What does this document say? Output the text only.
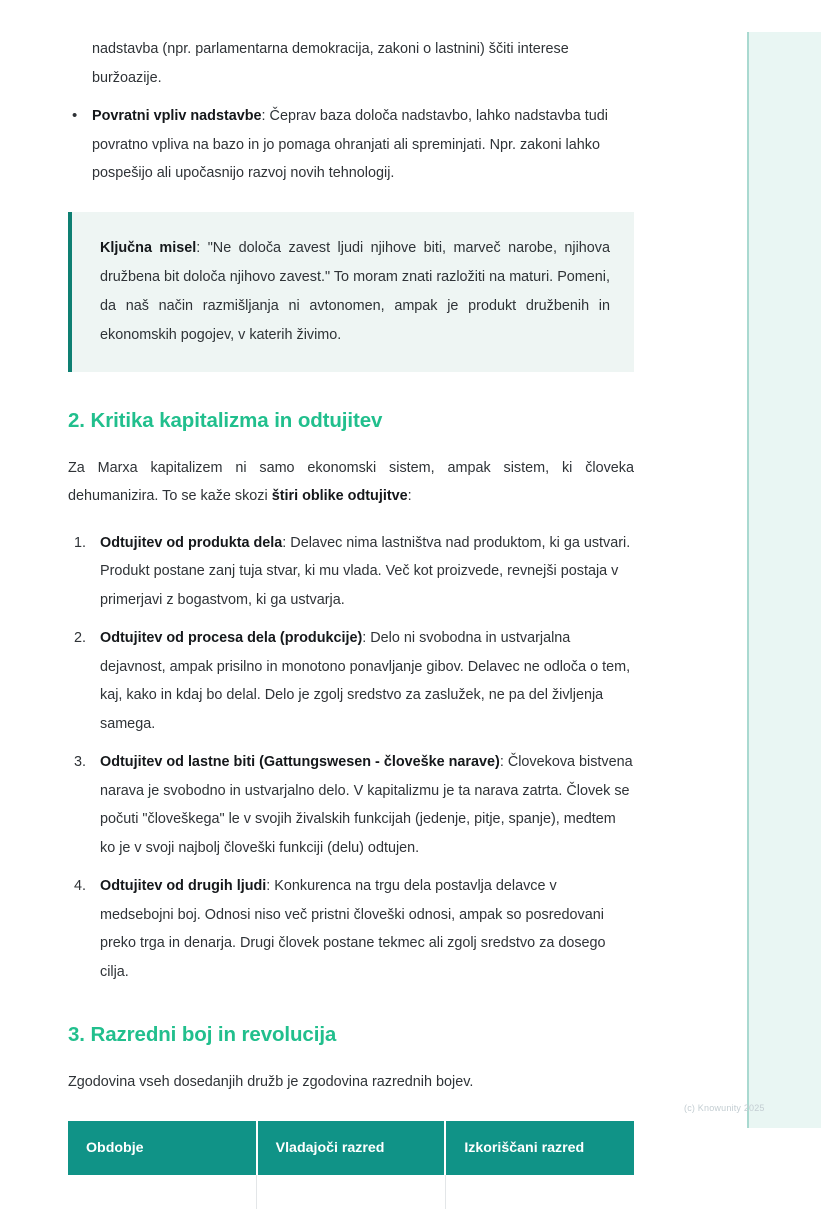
nadstavba (npr. parlamentarna demokracija, zakoni o lastnini) ščiti interese buržoazije.

• Povratni vpliv nadstavbe: Čeprav baza določa nadstavbo, lahko nadstavba tudi povratno vpliva na bazo in jo pomaga ohranjati ali spreminjati. Npr. zakoni lahko pospešijo ali upočasnijo razvoj novih tehnologij.

Ključna misel: "Ne določa zavest ljudi njihove biti, marveč narobe, njihova družbena bit določa njihovo zavest." To moram znati razložiti na maturi. Pomeni, da naš način razmišljanja ni avtonomen, ampak je produkt družbenih in ekonomskih pogojev, v katerih živimo.

2. Kritika kapitalizma in odtujitev

Za Marxa kapitalizem ni samo ekonomski sistem, ampak sistem, ki človeka dehumanizira. To se kaže skozi štiri oblike odtujitve:

Odtujitev od produkta dela: Delavec nima lastništva nad produktom, ki ga ustvari. Produkt postane zanj tuja stvar, ki mu vlada. Več kot proizvede, revnejši postaja v primerjavi z bogastvom, ki ga ustvarja.
Odtujitev od procesa dela (produkcije): Delo ni svobodna in ustvarjalna dejavnost, ampak prisilno in monotono ponavljanje gibov. Delavec ne odloča o tem, kaj, kako in kdaj bo delal. Delo je zgolj sredstvo za zaslužek, ne pa del življenja samega.
Odtujitev od lastne biti (Gattungswesen - človeške narave): Človekova bistvena narava je svobodno in ustvarjalno delo. V kapitalizmu je ta narava zatrta. Človek se počuti "človeškega" le v svojih živalskih funkcijah (jedenje, pitje, spanje), medtem ko je v svoji najbolj človeški funkciji (delu) odtujen.
Odtujitev od drugih ljudi: Konkurenca na trgu dela postavlja delavce v medsebojni boj. Odnosi niso več pristni človeški odnosi, ampak so posredovani preko trga in denarja. Drugi človek postane tekmec ali zgolj sredstvo za dosego cilja.
3. Razredni boj in revolucija

Zgodovina vseh dosedanjih družb je zgodovina razrednih bojev.

Obdobje	Vladajoči razred	Izkoriščani razred

(c) Knowunity 2025
